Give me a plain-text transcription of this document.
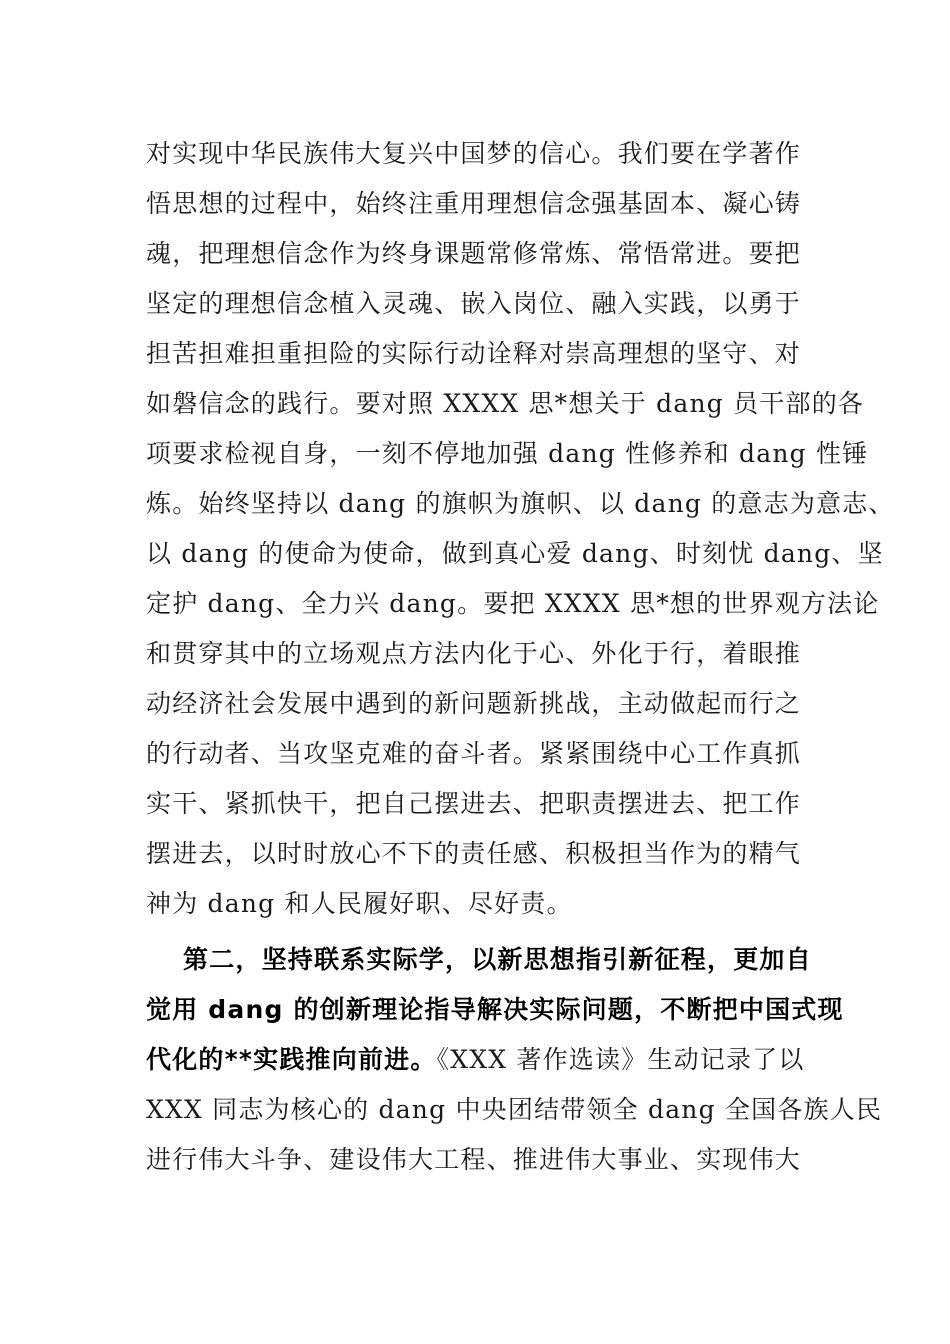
对实现中华民族伟大复兴中国梦的信心。我们要在学著作
悟思想的过程中，始终注重用理想信念强基固本、凝心铸
魂，把理想信念作为终身课题常修常炼、常悟常进。要把
坚定的理想信念植入灵魂、嵌入岗位、融入实践，以勇于
担苦担难担重担险的实际行动诠释对崇高理想的坚守、对
如磐信念的践行。要对照 XXXX 思*想关于 dang 员干部的各
项要求检视自身，一刻不停地加强 dang 性修养和 dang 性锤
炼。始终坚持以 dang 的旗帜为旗帜、以 dang 的意志为意志、
以 dang 的使命为使命，做到真心爱 dang、时刻忧 dang、坚
定护 dang、全力兴 dang。要把 XXXX 思*想的世界观方法论
和贯穿其中的立场观点方法内化于心、外化于行，着眼推
动经济社会发展中遇到的新问题新挑战，主动做起而行之
的行动者、当攻坚克难的奋斗者。紧紧围绕中心工作真抓
实干、紧抓快干，把自己摆进去、把职责摆进去、把工作
摆进去，以时时放心不下的责任感、积极担当作为的精气
神为 dang 和人民履好职、尽好责。
第二，坚持联系实际学，以新思想指引新征程，更加自
觉用 dang 的创新理论指导解决实际问题，不断把中国式现
代化的**实践推向前进。《XXX 著作选读》生动记录了以
XXX 同志为核心的 dang 中央团结带领全 dang 全国各族人民
进行伟大斗争、建设伟大工程、推进伟大事业、实现伟大
